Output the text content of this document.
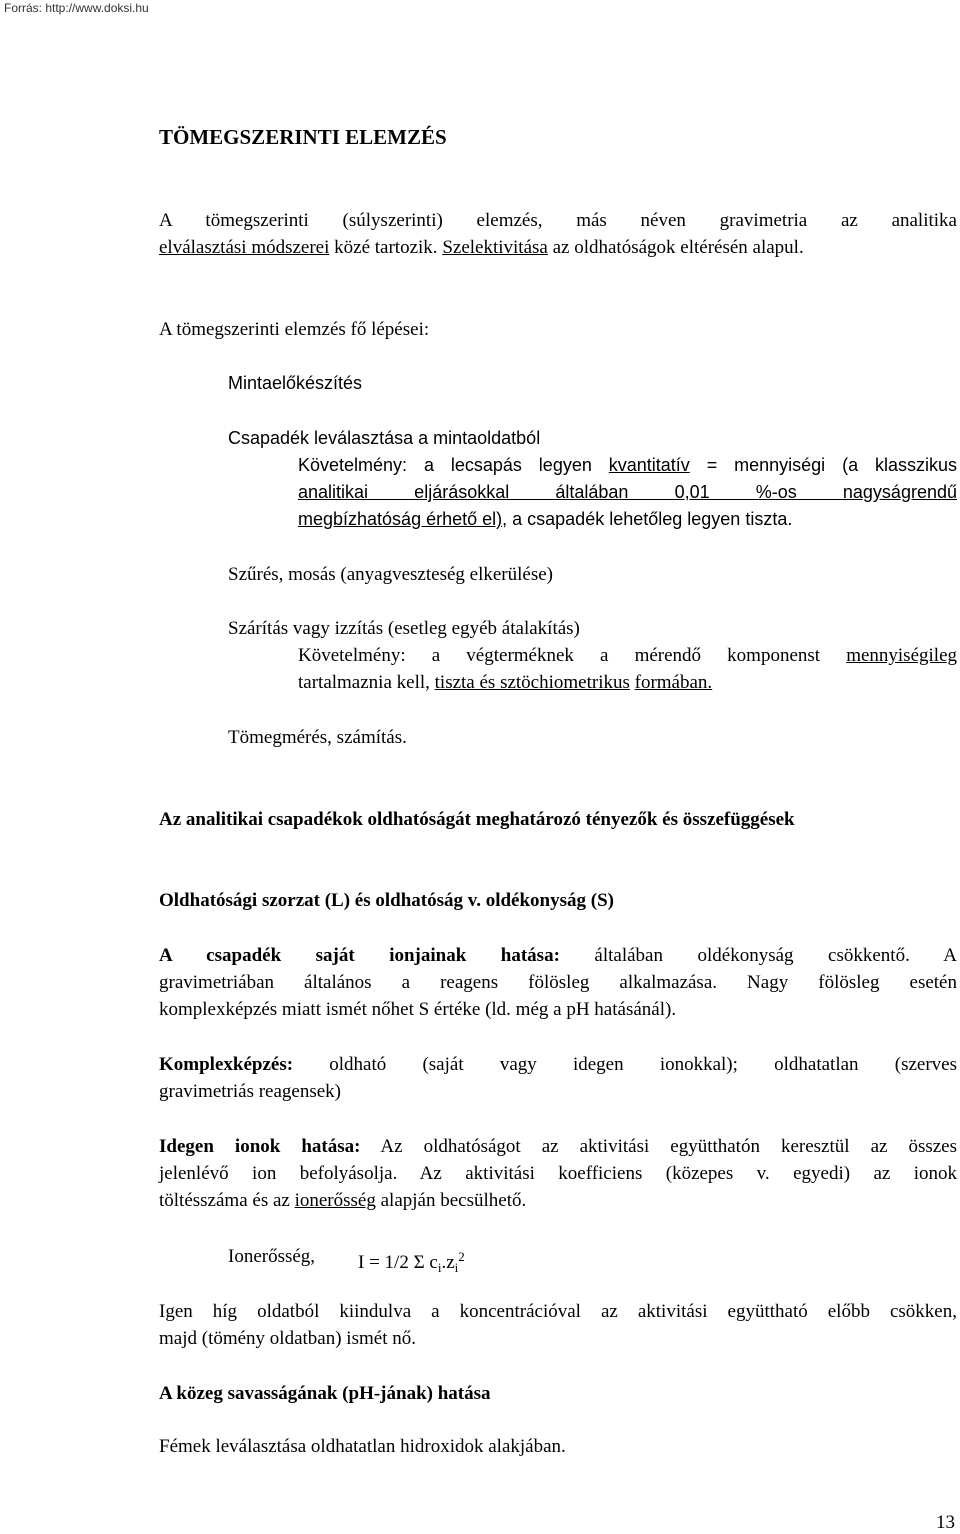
Forrás: http://www.doksi.hu
TÖMEGSZERINTI ELEMZÉS
A tömegszerinti (súlyszerinti) elemzés, más néven gravimetria az analitika
elválasztási módszerei közé tartozik. Szelektivitása az oldhatóságok eltérésén alapul.
A tömegszerinti elemzés fő lépései:
Mintaelőkészítés
Csapadék leválasztása a mintaoldatból
Követelmény: a lecsapás legyen kvantitatív = mennyiségi (a klasszikus
analitikai eljárásokkal általában 0,01 %-os nagyságrendű
megbízhatóság érhető el), a csapadék lehetőleg legyen tiszta.
Szűrés, mosás (anyagveszteség elkerülése)
Szárítás vagy izzítás (esetleg egyéb átalakítás)
Követelmény: a végterméknek a mérendő komponenst mennyiségileg
tartalmaznia kell, tiszta és sztöchiometrikus formában.
Tömegmérés, számítás.
Az analitikai csapadékok oldhatóságát meghatározó tényezők és összefüggések
Oldhatósági szorzat (L) és oldhatóság v. oldékonyság (S)
A csapadék saját ionjainak hatása: általában oldékonyság csökkentő. A
gravimetriában általános a reagens fölösleg alkalmazása. Nagy fölösleg esetén
komplexképzés miatt ismét nőhet S értéke (ld. még a pH hatásánál).
Komplexképzés: oldható (saját vagy idegen ionokkal); oldhatatlan (szerves
gravimetriás reagensek)
Idegen ionok hatása: Az oldhatóságot az aktivitási együtthatón keresztül az összes
jelenlévő ion befolyásolja. Az aktivitási koefficiens (közepes v. egyedi) az ionok
töltésszáma és az ionerősség alapján becsülhető.
Ionerősség, I = 1/2 Σ $c_i.z_i^2$
Igen híg oldatból kiindulva a koncentrációval az aktivitási együttható előbb csökken,
majd (tömény oldatban) ismét nő.
A közeg savasságának (pH-jának) hatása
Fémek leválasztása oldhatatlan hidroxidok alakjában.
13
